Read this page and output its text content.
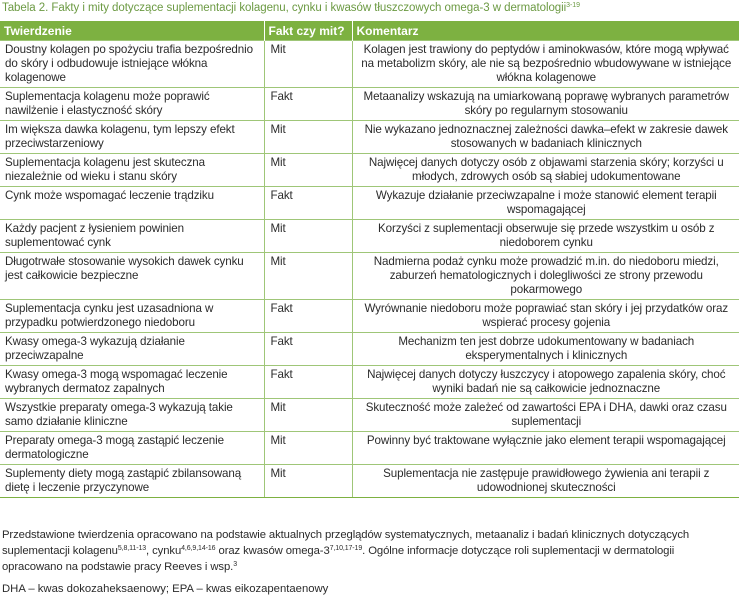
Tabela 2. Fakty i mity dotyczące suplementacji kolagenu, cynku i kwasów tłuszczowych omega-3 w dermatologii$^{3-19}$
Twierdzenie	Fakt czy mit?	Komentarz
Doustny kolagen po spożyciu trafia bezpośrednio do skóry i odbudowuje istniejące włókna kolagenowe	Mit	Kolagen jest trawiony do peptydów i aminokwasów, które mogą wpływać na metabolizm skóry, ale nie są bezpośrednio wbudowywane w istniejące włókna kolagenowe
Suplementacja kolagenu może poprawić nawilżenie i elastyczność skóry	Fakt	Metaanalizy wskazują na umiarkowaną poprawę wybranych parametrów skóry po regularnym stosowaniu
Im większa dawka kolagenu, tym lepszy efekt przeciwstarzeniowy	Mit	Nie wykazano jednoznacznej zależności dawka–efekt w zakresie dawek stosowanych w badaniach klinicznych
Suplementacja kolagenu jest skuteczna niezależnie od wieku i stanu skóry	Mit	Najwięcej danych dotyczy osób z objawami starzenia skóry; korzyści u młodych, zdrowych osób są słabiej udokumentowane
Cynk może wspomagać leczenie trądziku	Fakt	Wykazuje działanie przeciwzapalne i może stanowić element terapii wspomagającej
Każdy pacjent z łysieniem powinien suplementować cynk	Mit	Korzyści z suplementacji obserwuje się przede wszystkim u osób z niedoborem cynku
Długotrwałe stosowanie wysokich dawek cynku jest całkowicie bezpieczne	Mit	Nadmierna podaż cynku może prowadzić m.in. do niedoboru miedzi, zaburzeń hematologicznych i dolegliwości ze strony przewodu pokarmowego
Suplementacja cynku jest uzasadniona w przypadku potwierdzonego niedoboru	Fakt	Wyrównanie niedoboru może poprawiać stan skóry i jej przydatków oraz wspierać procesy gojenia
Kwasy omega-3 wykazują działanie przeciwzapalne	Fakt	Mechanizm ten jest dobrze udokumentowany w badaniach eksperymentalnych i klinicznych
Kwasy omega-3 mogą wspomagać leczenie wybranych dermatoz zapalnych	Fakt	Najwięcej danych dotyczy łuszczycy i atopowego zapalenia skóry, choć wyniki badań nie są całkowicie jednoznaczne
Wszystkie preparaty omega-3 wykazują takie samo działanie kliniczne	Mit	Skuteczność może zależeć od zawartości EPA i DHA, dawki oraz czasu suplementacji
Preparaty omega-3 mogą zastąpić leczenie dermatologiczne	Mit	Powinny być traktowane wyłącznie jako element terapii wspomagającej
Suplementy diety mogą zastąpić zbilansowaną dietę i leczenie przyczynowe	Mit	Suplementacja nie zastępuje prawidłowego żywienia ani terapii z udowodnionej skuteczności
Przedstawione twierdzenia opracowano na podstawie aktualnych przeglądów systematycznych, metaanaliz i badań klinicznych dotyczących suplementacji kolagenu$^{5,8,11-13}$, cynku$^{4,6,9,14-16}$ oraz kwasów omega-3$^{7,10,17-19}$. Ogólne informacje dotyczące roli suplementacji w dermatologii opracowano na podstawie pracy Reeves i wsp.$^3$
DHA – kwas dokozaheksaenowy; EPA – kwas eikozapentaenowy
